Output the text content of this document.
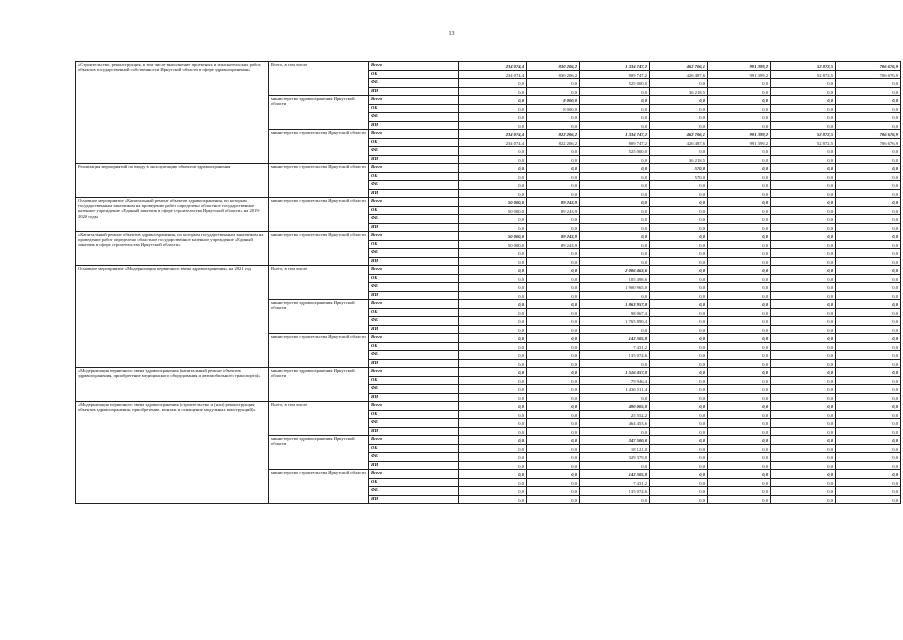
13
«Строительство, реконструкция, в том числе выполнение проектных и изыскательских работ, объектов государственной собственности Иркутской области в сфере здравоохранения»	Всего, в том числе	Всего	234 074,4	830 206,2	1 334 747,2	462 706,1	991 399,2	52 872,5	706 676,9
		ОБ	234 074,4	830 206,2	809 747,2	426 487,6	991 399,2	52 872,5	706 676,9
		ФБ	0,0	0,0	525 000,0	0,0	0,0	0,0	0,0
		ИИ	0,0	0,0	0,0	36 218,5	0,0	0,0	0,0
	министерство здравоохранения Иркутской области	Всего	0,0	8 000,0	0,0	0,0	0,0	0,0	0,0
		ОБ	0,0	8 000,0	0,0	0,0	0,0	0,0	0,0
		ФБ	0,0	0,0	0,0	0,0	0,0	0,0	0,0
		ИИ	0,0	0,0	0,0	0,0	0,0	0,0	0,0
	министерство строительства Иркутской области	Всего	234 074,4	822 206,2	1 334 747,2	462 706,1	991 399,2	52 872,5	706 676,9
		ОБ	234 074,4	822 206,2	809 747,2	426 487,6	991 399,2	52 872,5	706 676,9
		ФБ	0,0	0,0	525 000,0	0,0	0,0	0,0	0,0
		ИИ	0,0	0,0	0,0	36 218,5	0,0	0,0	0,0
Реализация мероприятий по вводу в эксплуатацию объектов здравоохранения	министерство строительства Иркутской области	Всего	0,0	0,0	0,0	570,0	0,0	0,0	0,0
		ОБ	0,0	0,0	0,0	570,0	0,0	0,0	0,0
		ФБ	0,0	0,0	0,0	0,0	0,0	0,0	0,0
		ИИ	0,0	0,0	0,0	0,0	0,0	0,0	0,0
Основное мероприятие «Капитальный ремонт объектов здравоохранения, по которым государственным заказчиком на проведение работ определено областное государственное казенное учреждение «Единый заказчик в сфере строительства Иркутской области» на 2019-2020 годы	министерство строительства Иркутской области	Всего	50 000,0	89 243,9	0,0	0,0	0,0	0,0	0,0
		ОБ	50 000,0	89 243,9	0,0	0,0	0,0	0,0	0,0
		ФБ	0,0	0,0	0,0	0,0	0,0	0,0	0,0
		ИИ	0,0	0,0	0,0	0,0	0,0	0,0	0,0
«Капитальный ремонт объектов здравоохранения, по которым государственным заказчиком на проведение работ определено областное государственное казенное учреждение «Единый заказчик в сфере строительства Иркутской области»	министерство строительства Иркутской области	Всего	50 000,0	89 243,9	0,0	0,0	0,0	0,0	0,0
		ОБ	50 000,0	89 243,9	0,0	0,0	0,0	0,0	0,0
		ФБ	0,0	0,0	0,0	0,0	0,0	0,0	0,0
		ИИ	0,0	0,0	0,0	0,0	0,0	0,0	0,0
Основное мероприятие «Модернизация первичного звена здравоохранения» на 2021 год	Всего, в том числе	Всего	0,0	0,0	2 006 463,6	0,0	0,0	0,0	0,0
		ОБ	0,0	0,0	105 498,6	0,0	0,0	0,0	0,0
		ФБ	0,0	0,0	1 900 965,0	0,0	0,0	0,0	0,0
		ИИ	0,0	0,0	0,0	0,0	0,0	0,0	0,0
	министерство здравоохранения Иркутской области	Всего	0,0	0,0	1 863 957,8	0,0	0,0	0,0	0,0
		ОБ	0,0	0,0	98 067,4	0,0	0,0	0,0	0,0
		ФБ	0,0	0,0	1 765 890,4	0,0	0,0	0,0	0,0
		ИИ	0,0	0,0	0,0	0,0	0,0	0,0	0,0
	министерство строительства Иркутской области	Всего	0,0	0,0	142 505,8	0,0	0,0	0,0	0,0
		ОБ	0,0	0,0	7 431,2	0,0	0,0	0,0	0,0
		ФБ	0,0	0,0	135 074,6	0,0	0,0	0,0	0,0
		ИИ	0,0	0,0	0,0	0,0	0,0	0,0	0,0
«Модернизация первичного звена здравоохранения (капитальный ремонт объектов здравоохранения, приобретение медицинского оборудования и автомобильного транспорта)»	министерство здравоохранения Иркутской области	Всего	0,0	0,0	1 516 457,8	0,0	0,0	0,0	0,0
		ОБ	0,0	0,0	79 946,4	0,0	0,0	0,0	0,0
		ФБ	0,0	0,0	1 436 511,4	0,0	0,0	0,0	0,0
		ИИ	0,0	0,0	0,0	0,0	0,0	0,0	0,0
«Модернизация первичного звена здравоохранения (строительство и (или) реконструкция объектов здравоохранения, приобретение, монтаж и оснащение модульных конструкций)»	Всего, в том числе	Всего	0,0	0,0	490 005,8	0,0	0,0	0,0	0,0
		ОБ	0,0	0,0	25 552,2	0,0	0,0	0,0	0,0
		ФБ	0,0	0,0	464 453,6	0,0	0,0	0,0	0,0
		ИИ	0,0	0,0	0,0	0,0	0,0	0,0	0,0
	министерство здравоохранения Иркутской области	Всего	0,0	0,0	347 500,0	0,0	0,0	0,0	0,0
		ОБ	0,0	0,0	18 121,0	0,0	0,0	0,0	0,0
		ФБ	0,0	0,0	329 379,0	0,0	0,0	0,0	0,0
		ИИ	0,0	0,0	0,0	0,0	0,0	0,0	0,0
	министерство строительства Иркутской области	Всего	0,0	0,0	142 505,8	0,0	0,0	0,0	0,0
		ОБ	0,0	0,0	7 431,2	0,0	0,0	0,0	0,0
		ФБ	0,0	0,0	135 074,6	0,0	0,0	0,0	0,0
		ИИ	0,0	0,0	0,0	0,0	0,0	0,0	0,0
